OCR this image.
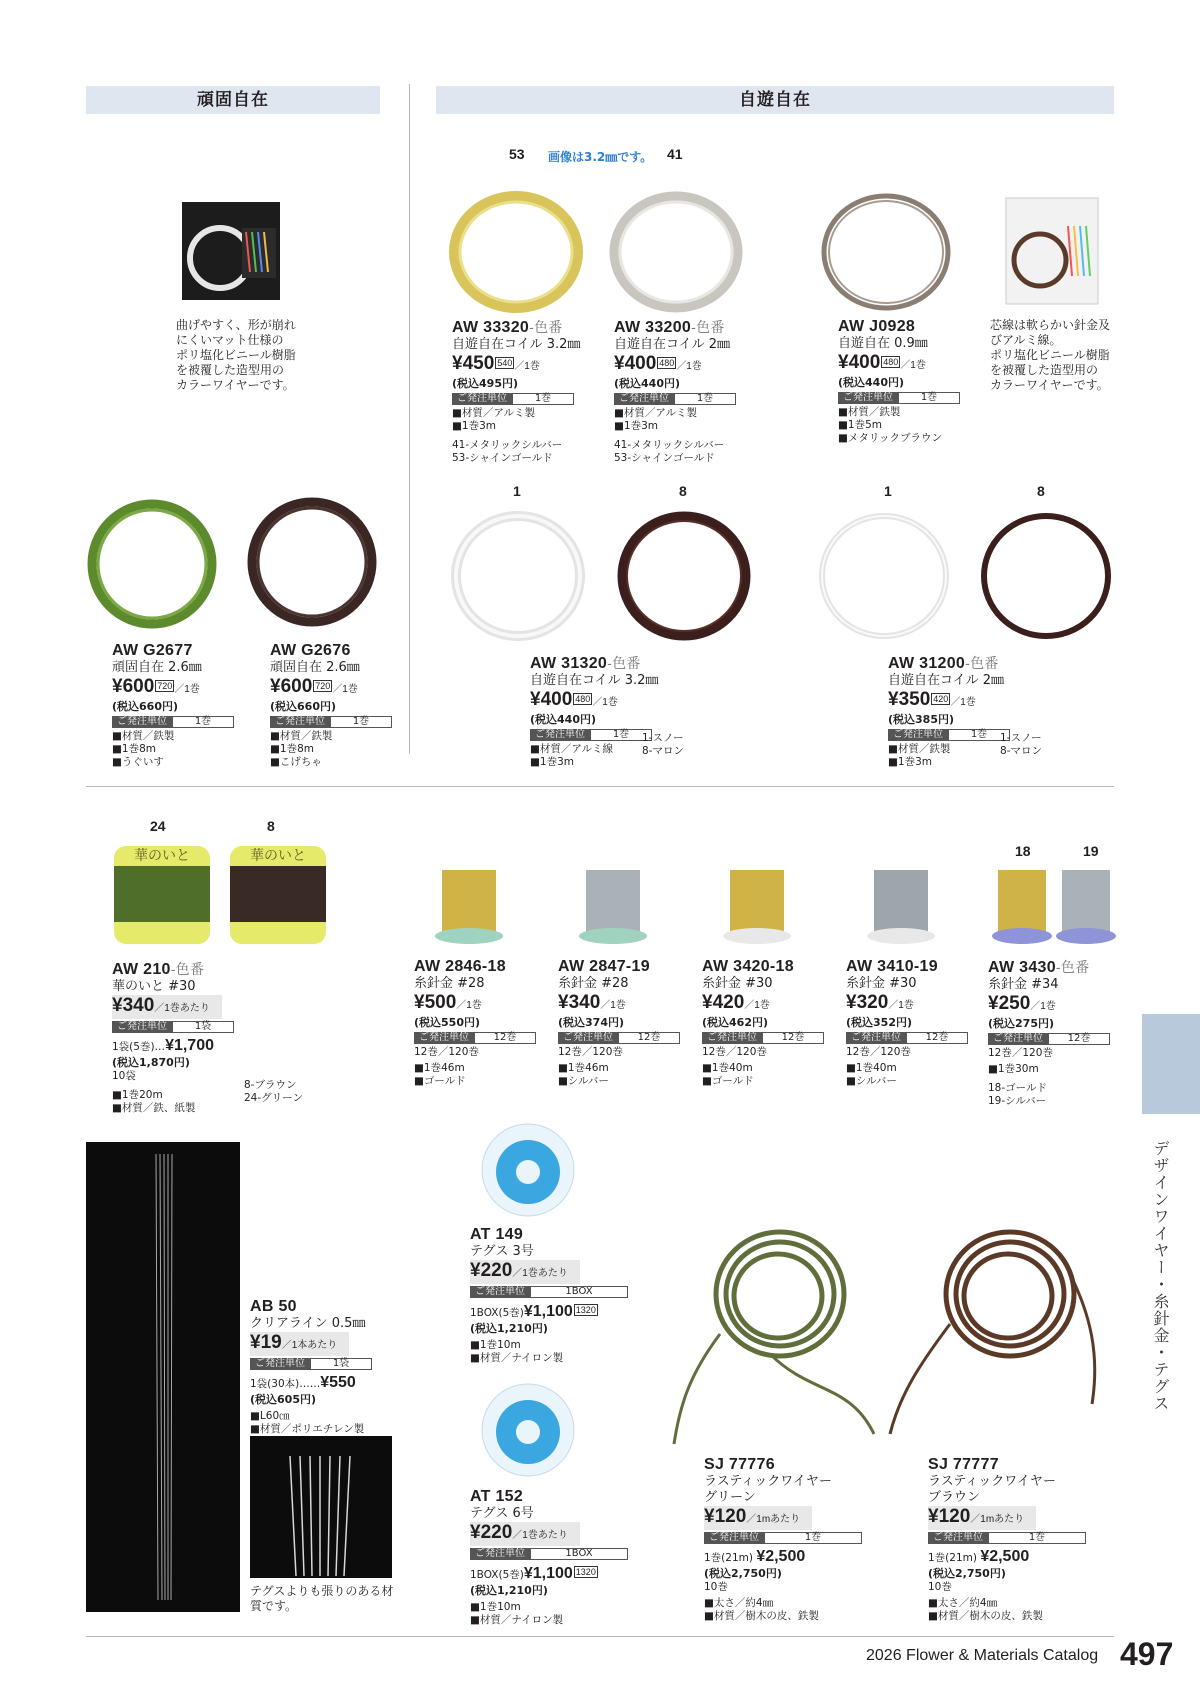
頑固自在	自遊自在
曲げやすく、形が崩れ
にくいマット仕様の
ポリ塩化ビニール樹脂
を被覆した造型用の
カラーワイヤーです。
53 画像は3.2㎜です。 41
芯線は軟らかい針金及
びアルミ線。
ポリ塩化ビニール樹脂
を被覆した造型用の
カラーワイヤーです。
AW 33320-色番
自遊自在コイル 3.2㎜
¥450 540 ／1巻
(税込495円)
ご発注単位	1巻
■材質／アルミ製
■1巻3m
41-メタリックシルバー
53-シャインゴールド
AW 33200-色番
自遊自在コイル 2㎜
¥400 480 ／1巻
(税込440円)
ご発注単位	1巻
■材質／アルミ製
■1巻3m
41-メタリックシルバー
53-シャインゴールド
AW J0928
自遊自在 0.9㎜
¥400 480 ／1巻
(税込440円)
ご発注単位	1巻
■材質／鉄製
■1巻5m
■メタリックブラウン
1	8	1	8
AW G2677
頑固自在 2.6㎜
¥600 720 ／1巻
(税込660円)
ご発注単位	1巻
■材質／鉄製
■1巻8m
■うぐいす
AW G2676
頑固自在 2.6㎜
¥600 720 ／1巻
(税込660円)
ご発注単位	1巻
■材質／鉄製
■1巻8m
■こげちゃ
AW 31320-色番
自遊自在コイル 3.2㎜
¥400 480 ／1巻
(税込440円)
ご発注単位	1巻
■材質／アルミ線
■1巻3m
1-スノー
8-マロン
AW 31200-色番
自遊自在コイル 2㎜
¥350 420 ／1巻
(税込385円)
ご発注単位	1巻
■材質／鉄製
■1巻3m
1-スノー
8-マロン
24	8
18	19
華のいと	華のいと
AW 210-色番
華のいと #30
¥340／1巻あたり
ご発注単位	1袋
1袋(5巻)…¥1,700
(税込1,870円)
10袋
■1巻20m
■材質／鉄、紙製
8-ブラウン
24-グリーン
AW 2846-18
糸針金 #28
¥500／1巻
(税込550円)
ご発注単位	12巻
12巻／120巻
■1巻46m
■ゴールド
AW 2847-19
糸針金 #28
¥340／1巻
(税込374円)
ご発注単位	12巻
12巻／120巻
■1巻46m
■シルバー
AW 3420-18
糸針金 #30
¥420／1巻
(税込462円)
ご発注単位	12巻
12巻／120巻
■1巻40m
■ゴールド
AW 3410-19
糸針金 #30
¥320／1巻
(税込352円)
ご発注単位	12巻
12巻／120巻
■1巻40m
■シルバー
AW 3430-色番
糸針金 #34
¥250／1巻
(税込275円)
ご発注単位	12巻
12巻／120巻
■1巻30m
18-ゴールド
19-シルバー
デザインワイヤー・糸針金・テグス
テグスよりも張りのある材
質です。
AB 50
クリアライン 0.5㎜
¥19／1本あたり
ご発注単位	1袋
1袋(30本)……¥550
(税込605円)
■L60㎝
■材質／ポリエチレン製
AT 149
テグス 3号
¥220／1巻あたり
ご発注単位	1BOX
1BOX(5巻)¥1,100 1320
(税込1,210円)
■1巻10m
■材質／ナイロン製
AT 152
テグス 6号
¥220／1巻あたり
ご発注単位	1BOX
1BOX(5巻)¥1,100 1320
(税込1,210円)
■1巻10m
■材質／ナイロン製
SJ 77776
ラスティックワイヤー
グリーン
¥120／1mあたり
ご発注単位	1巻
1巻(21m) ¥2,500
(税込2,750円)
10巻
■太さ／約4㎜
■材質／樹木の皮、鉄製
SJ 77777
ラスティックワイヤー
ブラウン
¥120／1mあたり
ご発注単位	1巻
1巻(21m) ¥2,500
(税込2,750円)
10巻
■太さ／約4㎜
■材質／樹木の皮、鉄製
2026 Flower & Materials Catalog 497
